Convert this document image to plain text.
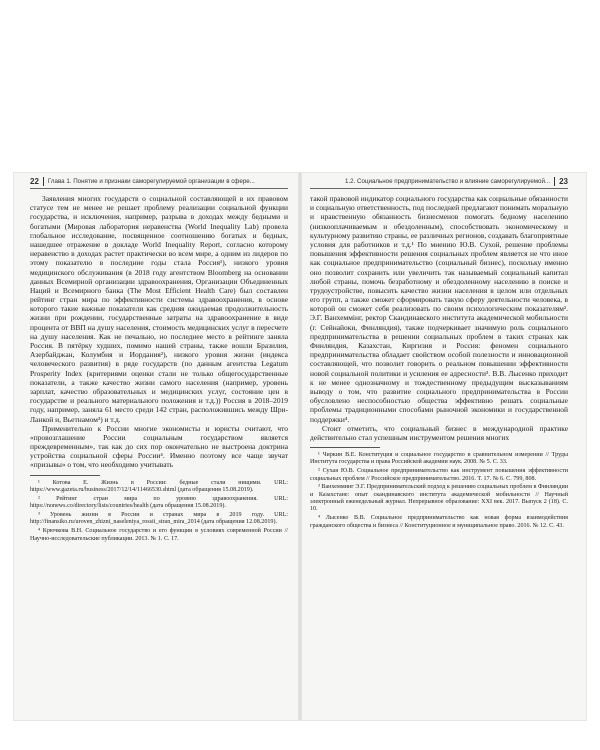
22 Глава 1. Понятие и признаки саморегулируемой организации в сфере...

Заявления многих государств о социальной составляющей в их правовом статусе тем не менее не решает проблему реализации социальной функции государства, и исключения, например, разрыва в доходах между бедными и богатыми (Мировая лаборатория неравенства (World Inequality Lab) провела глобальное исследование, посвященное соотношению богатых и бедных, нашедшее отражение в докладе World Inequality Report, согласно которому неравенство в доходах растет практически во всем мире, а одним из лидеров по этому показателю в последние годы стала Россия¹), низкого уровня медицинского обслуживания (в 2018 году агентством Bloomberg на основании данных Всемирной организации здравоохранения, Организации Объединенных Наций и Всемирного банка (The Most Efficient Health Care) был составлен рейтинг стран мира по эффективности системы здравоохранения, в основе которого такие важные показатели как средняя ожидаемая продолжительность жизни при рождении, государственные затраты на здравоохранение в виде процента от ВВП на душу населения, стоимость медицинских услуг в пересчете на душу населения. Как не печально, но последнее место в рейтинге заняла Россия. В пятёрку худших, помимо нашей страны, также вошли Бразилия, Азербайджан, Колумбия и Иордания²), низкого уровня жизни (индекса человеческого развития) в ряде государств (по данным агентства Legatum Prosperity Index (критериями оценки стали не только общегосударственные показатели, а также качество жизни самого населения (например, уровень зарплат, качество образовательных и медицинских услуг, состояние цен в государстве и реального материального положения и т.д.)) Россия в 2018–2019 году, например, заняла 61 место среди 142 стран, расположившись между Шри-Ланкой и, Вьетнамом³) и т.д.

Применительно к России многие экономисты и юристы считают, что «провозглашение России социальным государством является преждевременным», так как до сих пор окончательно не выстроена доктрина устройства социальной сферы России⁴. Именно поэтому все чаще звучат «призывы» о том, что необходимо учитывать

¹ Котова Е. Жизнь в России: бедные стали нищими. URL: https://www.gazeta.ru/business/2017/12/14/11466530.shtml (дата обращения 15.08.2019).

² Рейтинг стран мира по уровню здравоохранения. URL: https://nonews.co/directory/lists/countries/health (дата обращения 15.08.2019).

³ Уровень жизни в России и странах мира в 2019 году. URL: http://finansiko.ru/uroven_zhizni_naseleniya_rossii_stran_mira_2014 (дата обращения 12.08.2019).

⁴ Крючкова В.Н. Социальное государство и его функции в условиях современной России // Научно-исследовательские публикации. 2013. № 1. С. 17.

1.2. Социальное предпринимательство и влияние саморегулируемой... 23

такой правовой индикатор социального государства как социальные обязанности и социальную ответственность, под последней предлагают понимать моральную и нравственную обязанность бизнесменов помогать бедному населению (низкооплачиваемым и обездоленным), способствовать экономическому и культурному развитию страны, ее различных регионов, создавать благоприятные условия для работников и т.д.¹ По мнению Ю.В. Сухой, решение проблемы повышения эффективности решения социальных проблем является не что иное как социальное предпринимательство (социальный бизнес), поскольку именно оно позволит сохранить или увеличить так называемый социальный капитал любой страны, помочь безработному и обездоленному населению в поиске и трудоустройстве, повысить качество жизни населения в целом или отдельных его групп, а также сможет сформировать такую сферу деятельности человека, в которой он сможет себя реализовать по своим психологическим показателям². Э.Г. Ванхеммінг, ректор Скандинавского института академической мобильности (г. Сейнайоки, Финляндия), также подчеркивает значимую роль социального предпринимательства в решении социальных проблем в таких странах как Финляндия, Казахстан, Киргизия и Россия: феномен социального предпринимательства обладает свойством особой полезности и инновационной составляющей, что позволит говорить о реальном повышении эффективности новой социальной политики и усиления ее адресности³. В.В. Лысенко приходит к не менее однозначному и тождественному предыдущим высказываниям выводу о том, что развитие социального предпринимательства в России обусловлено неспособностью общества эффективно решать социальные проблемы традиционными способами рыночной экономики и государственной поддержки⁴.

Стоит отметить, что социальный бизнес в международной практике действительно стал успешным инструментом решения многих

¹ Чиркин В.Е. Конституция и социальное государство в сравнительном измерении // Труды Института государства и права Российской академии наук. 2008. № 5. С. 33.

² Сухая Ю.В. Социальное предпринимательство как инструмент повышения эффективности социальных проблем // Российское предпринимательство. 2016. Т. 17. № 6. С. 799, 808.

³ Ванхемминг Э.Г. Предпринимательский подход к решению социальных проблем в Финляндии и Казахстане: опыт скандинавского института академической мобильности // Научный электронный еженедельный журнал. Непрерывное образование: XXI век. 2017. Выпуск 2 (18). С. 10.

⁴ Лысенко В.В. Социальное предпринимательство как новая форма взаимодействия гражданского общества и бизнеса // Конституционное и муниципальное право. 2016. № 12. С. 43.
